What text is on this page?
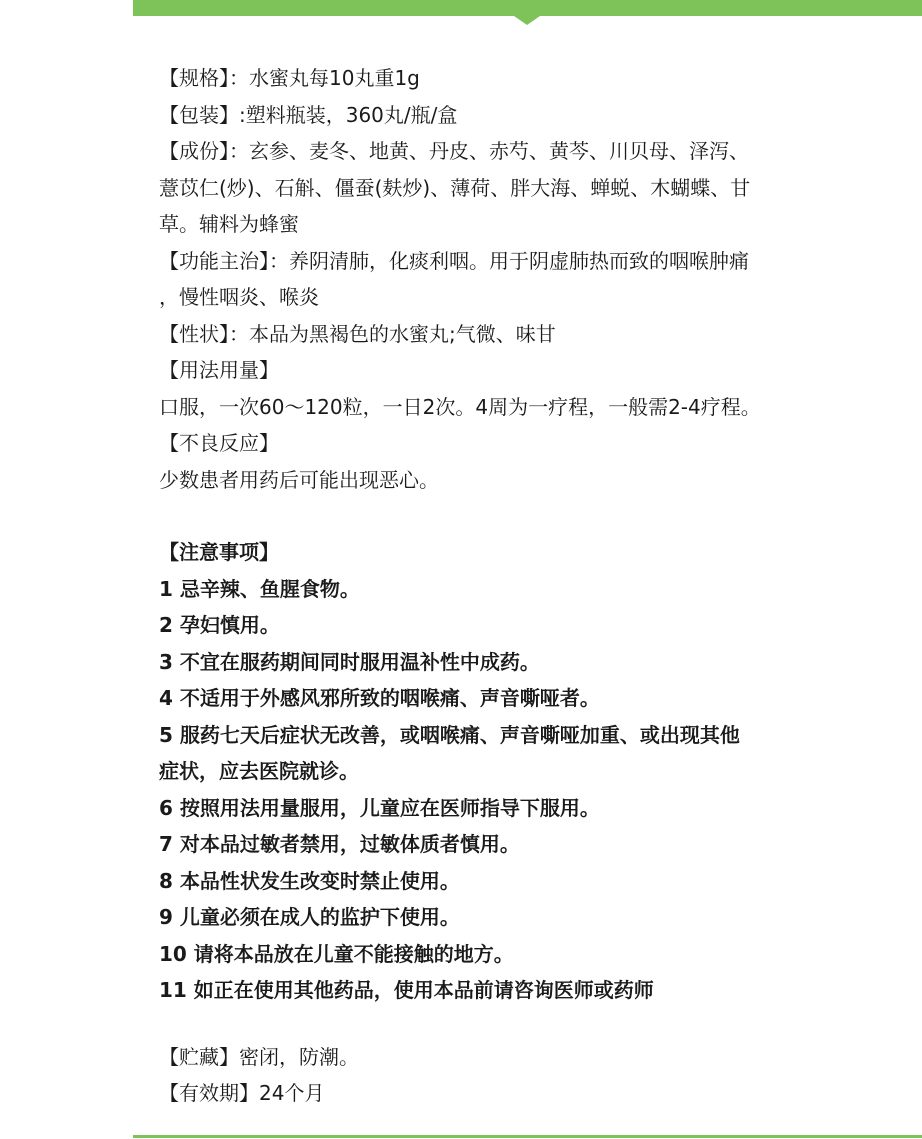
【规格】：水蜜丸每10丸重1g
【包装】:塑料瓶装，360丸/瓶/盒
【成份】：玄参、麦冬、地黄、丹皮、赤芍、黄芩、川贝母、泽泻、
薏苡仁(炒)、石斛、僵蚕(麸炒)、薄荷、胖大海、蝉蜕、木蝴蝶、甘
草。辅料为蜂蜜
【功能主治】：养阴清肺，化痰利咽。用于阴虚肺热而致的咽喉肿痛
，慢性咽炎、喉炎
【性状】：本品为黑褐色的水蜜丸;气微、味甘
【用法用量】
口服，一次60～120粒，一日2次。4周为一疗程，一般需2-4疗程。
【不良反应】
少数患者用药后可能出现恶心。
【注意事项】
1 忌辛辣、鱼腥食物。
2 孕妇慎用。
3 不宜在服药期间同时服用温补性中成药。
4 不适用于外感风邪所致的咽喉痛、声音嘶哑者。
5 服药七天后症状无改善，或咽喉痛、声音嘶哑加重、或出现其他
症状，应去医院就诊。
6 按照用法用量服用，儿童应在医师指导下服用。
7 对本品过敏者禁用，过敏体质者慎用。
8 本品性状发生改变时禁止使用。
9 儿童必须在成人的监护下使用。
10 请将本品放在儿童不能接触的地方。
11 如正在使用其他药品，使用本品前请咨询医师或药师
【贮藏】密闭，防潮。
【有效期】24个月
